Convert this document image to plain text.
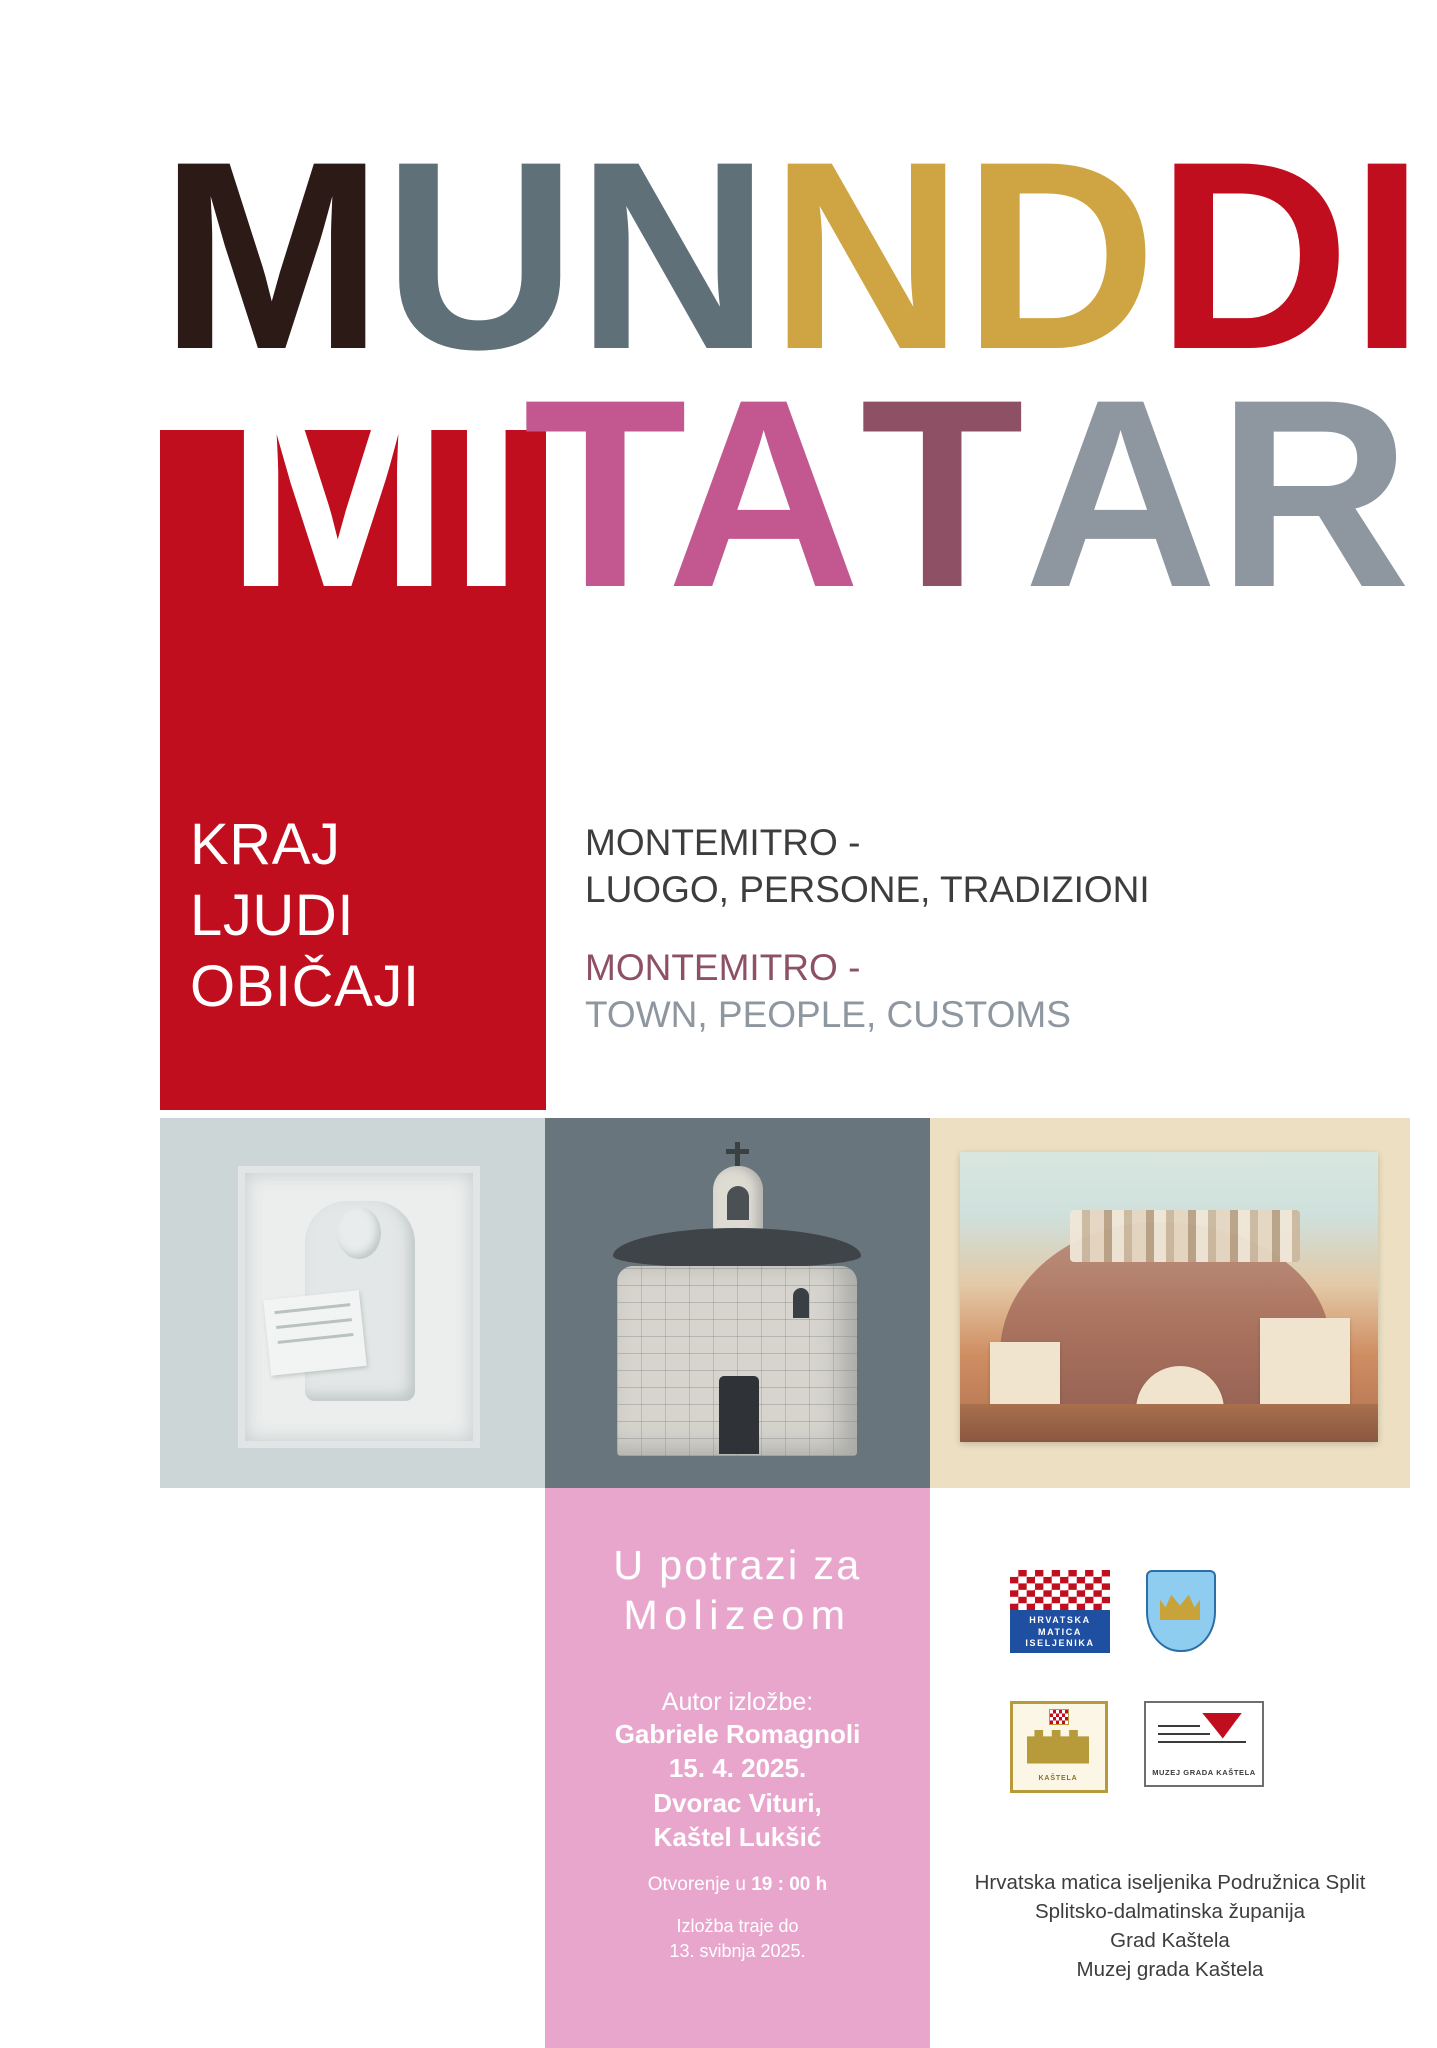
M UN ND DI
MI TA T AR
KRAJ
LJUDI
OBIČAJI
MONTEMITRO -
LUOGO, PERSONE, TRADIZIONI
MONTEMITRO -
TOWN, PEOPLE, CUSTOMS
U potrazi za
Molizeom
Autor izložbe:
Gabriele Romagnoli
15. 4. 2025.
Dvorac Vituri,
Kaštel Lukšić
Otvorenje u 19 : 00 h
Izložba traje do
13. svibnja 2025.
HRVATSKA
MATICA
ISELJENIKA
KAŠTELA
MUZEJ GRADA KAŠTELA
Hrvatska matica iseljenika Podružnica Split
Splitsko-dalmatinska županija
Grad Kaštela
Muzej grada Kaštela
